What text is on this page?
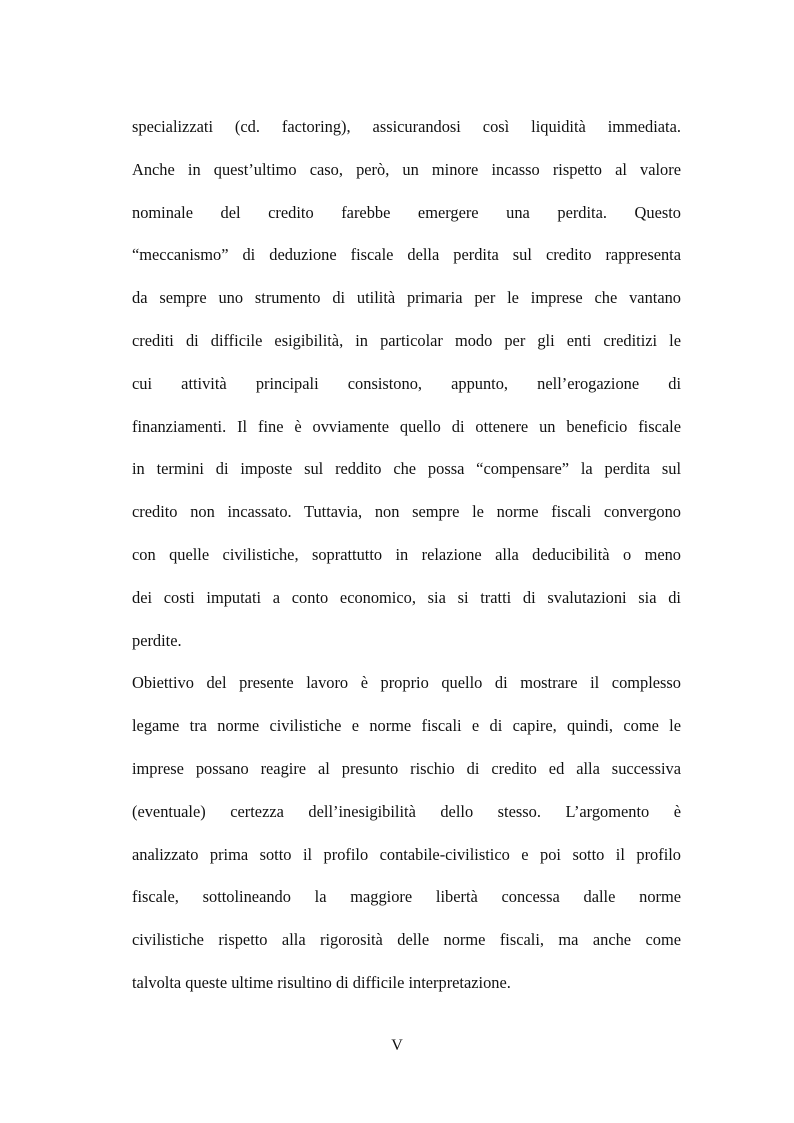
specializzati (cd. factoring), assicurandosi così liquidità immediata.
Anche in quest’ultimo caso, però, un minore incasso rispetto al valore
nominale del credito farebbe emergere una perdita. Questo
“meccanismo” di deduzione fiscale della perdita sul credito rappresenta
da sempre uno strumento di utilità primaria per le imprese che vantano
crediti di difficile esigibilità, in particolar modo per gli enti creditizi le
cui attività principali consistono, appunto, nell’erogazione di
finanziamenti. Il fine è ovviamente quello di ottenere un beneficio fiscale
in termini di imposte sul reddito che possa “compensare” la perdita sul
credito non incassato. Tuttavia, non sempre le norme fiscali convergono
con quelle civilistiche, soprattutto in relazione alla deducibilità o meno
dei costi imputati a conto economico, sia si tratti di svalutazioni sia di
perdite.
Obiettivo del presente lavoro è proprio quello di mostrare il complesso
legame tra norme civilistiche e norme fiscali e di capire, quindi, come le
imprese possano reagire al presunto rischio di credito ed alla successiva
(eventuale) certezza dell’inesigibilità dello stesso. L’argomento è
analizzato prima sotto il profilo contabile-civilistico e poi sotto il profilo
fiscale, sottolineando la maggiore libertà concessa dalle norme
civilistiche rispetto alla rigorosità delle norme fiscali, ma anche come
talvolta queste ultime risultino di difficile interpretazione.
V
